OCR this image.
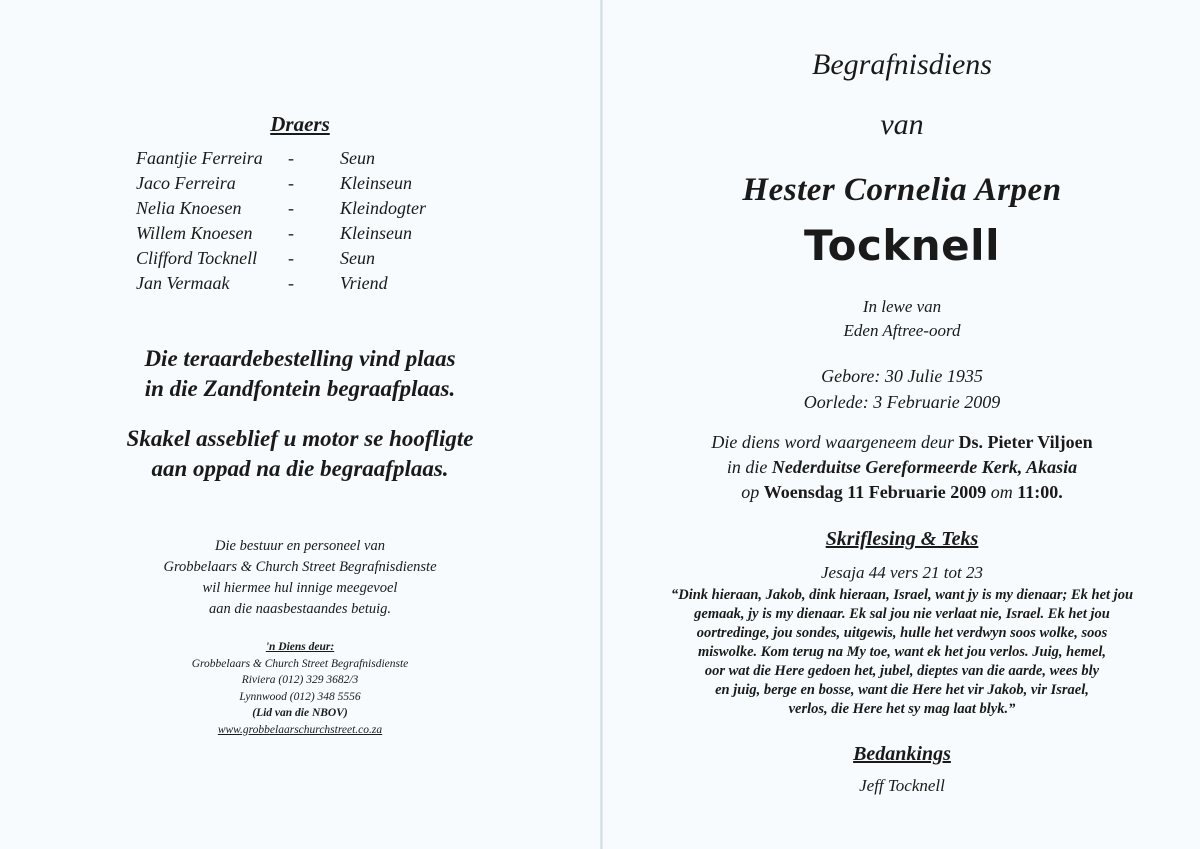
Draers
Faantjie Ferreira -	Seun
Jaco Ferreira	-	Kleinseun
Nelia Knoesen	-	Kleindogter
Willem Knoesen -	Kleinseun
Clifford Tocknell -	Seun
Jan Vermaak	-	Vriend
Die teraardebestelling vind plaas
in die Zandfontein begraafplaas.
Skakel asseblief u motor se hoofligte
aan oppad na die begraafplaas.
Die bestuur en personeel van
Grobbelaars & Church Street Begrafnisdienste
wil hiermee hul innige meegevoel
aan die naasbestaandes betuig.
'n Diens deur:
Grobbelaars & Church Street Begrafnisdienste
Riviera (012) 329 3682/3
Lynnwood (012) 348 5556
(Lid van die NBOV)
www.grobbelaarschurchstreet.co.za
Begrafnisdiens
van
Hester Cornelia Arpen
Tocknell
In lewe van
Eden Aftree-oord
Gebore: 30 Julie 1935
Oorlede: 3 Februarie 2009
Die diens word waargeneem deur Ds. Pieter Viljoen
in die Nederduitse Gereformeerde Kerk, Akasia
op Woensdag 11 Februarie 2009 om 11:00.
Skriflesing & Teks
Jesaja 44 vers 21 tot 23
“Dink hieraan, Jakob, dink hieraan, Israel, want jy is my dienaar; Ek het jou
gemaak, jy is my dienaar. Ek sal jou nie verlaat nie, Israel. Ek het jou
oortredinge, jou sondes, uitgewis, hulle het verdwyn soos wolke, soos
miswolke. Kom terug na My toe, want ek het jou verlos. Juig, hemel,
oor wat die Here gedoen het, jubel, dieptes van die aarde, wees bly
en juig, berge en bosse, want die Here het vir Jakob, vir Israel,
verlos, die Here het sy mag laat blyk.”
Bedankings
Jeff Tocknell
